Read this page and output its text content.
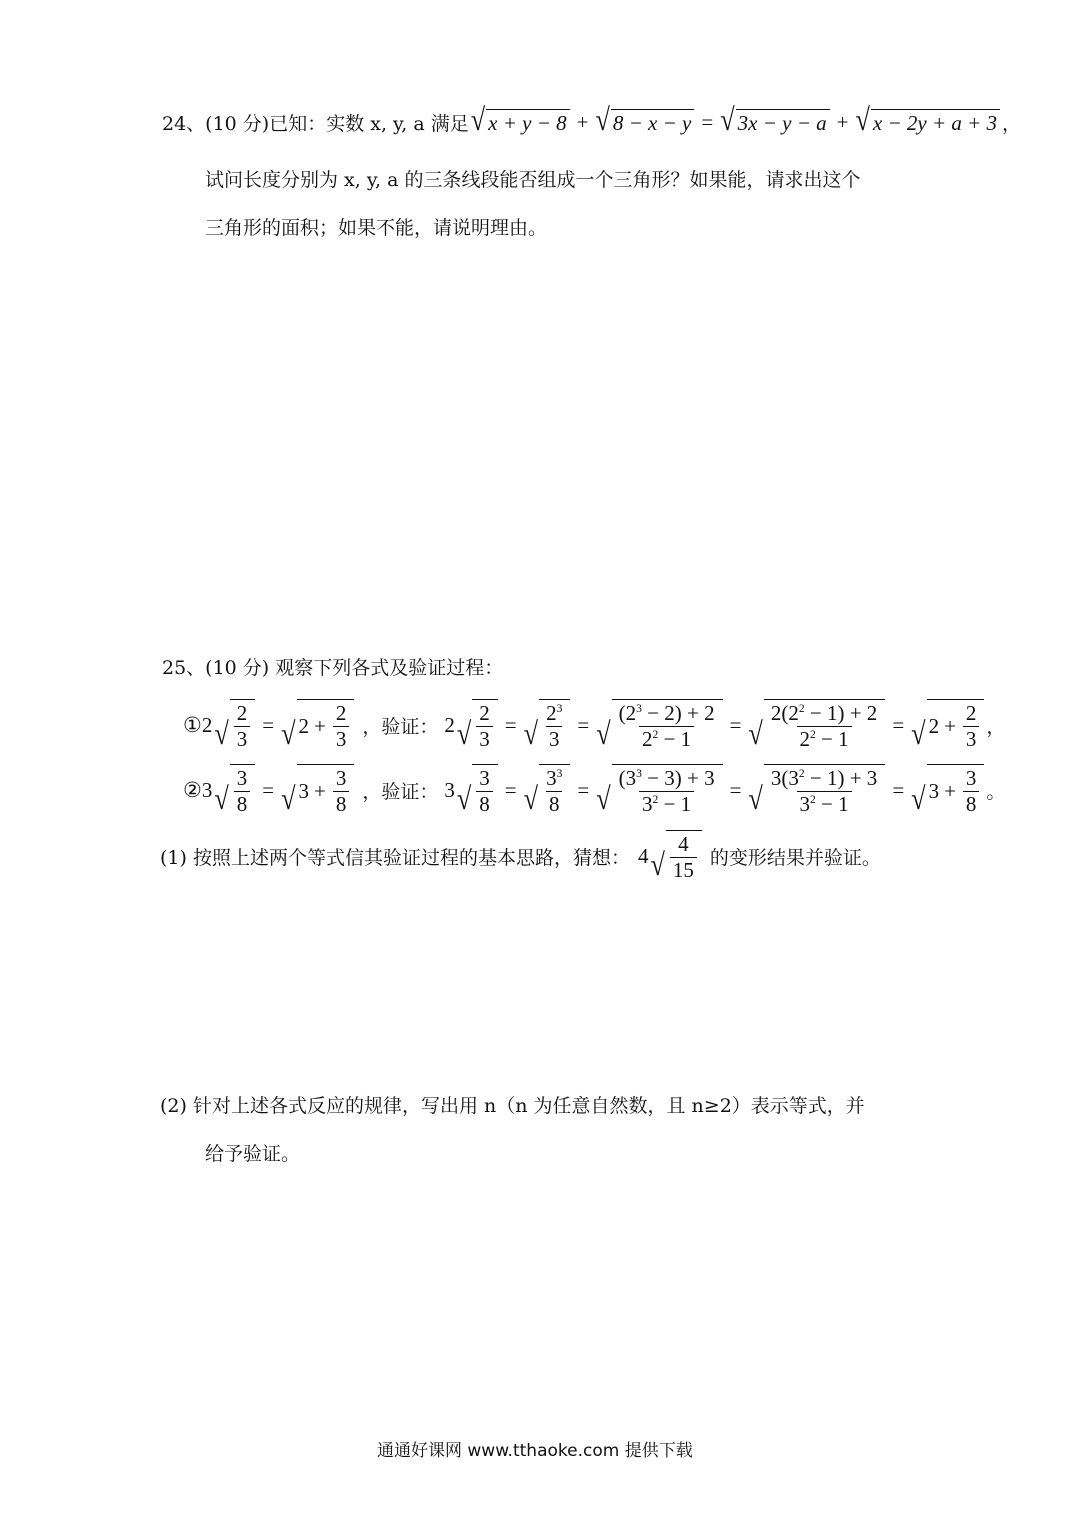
24、(10 分)已知：实数 x, y, a 满足 √ x + y − 8 + √ 8 − x − y = √ 3x − y − a + √ x − 2y + a + 3 ，
试问长度分别为 x, y, a 的三条线段能否组成一个三角形？如果能，请求出这个
三角形的面积；如果不能，请说明理由。
25、(10 分) 观察下列各式及验证过程：
① 2 √ $\frac{2}{3}$ = √ $2 + \frac{2}{3}$ ，验证： 2 √ $\frac{2}{3}$ = √ $\frac{2^3}{3}$ = √ $\frac{(2^3 - 2) + 2}{2^2 - 1}$ = √ $\frac{2(2^2 - 1) + 2}{2^2 - 1}$ = √ $2 + \frac{2}{3}$ ，
② 3 √ $\frac{3}{8}$ = √ $3 + \frac{3}{8}$ ，验证： 3 √ $\frac{3}{8}$ = √ $\frac{3^3}{8}$ = √ $\frac{(3^3 - 3) + 3}{3^2 - 1}$ = √ $\frac{3(3^2 - 1) + 3}{3^2 - 1}$ = √ $3 + \frac{3}{8}$ 。
(1) 按照上述两个等式信其验证过程的基本思路，猜想： 4 √ $\frac{4}{15}$ 的变形结果并验证。
(2) 针对上述各式反应的规律，写出用 n（n 为任意自然数，且 n≥2）表示等式，并
给予验证。
通通好课网 www.tthaoke.com 提供下载
